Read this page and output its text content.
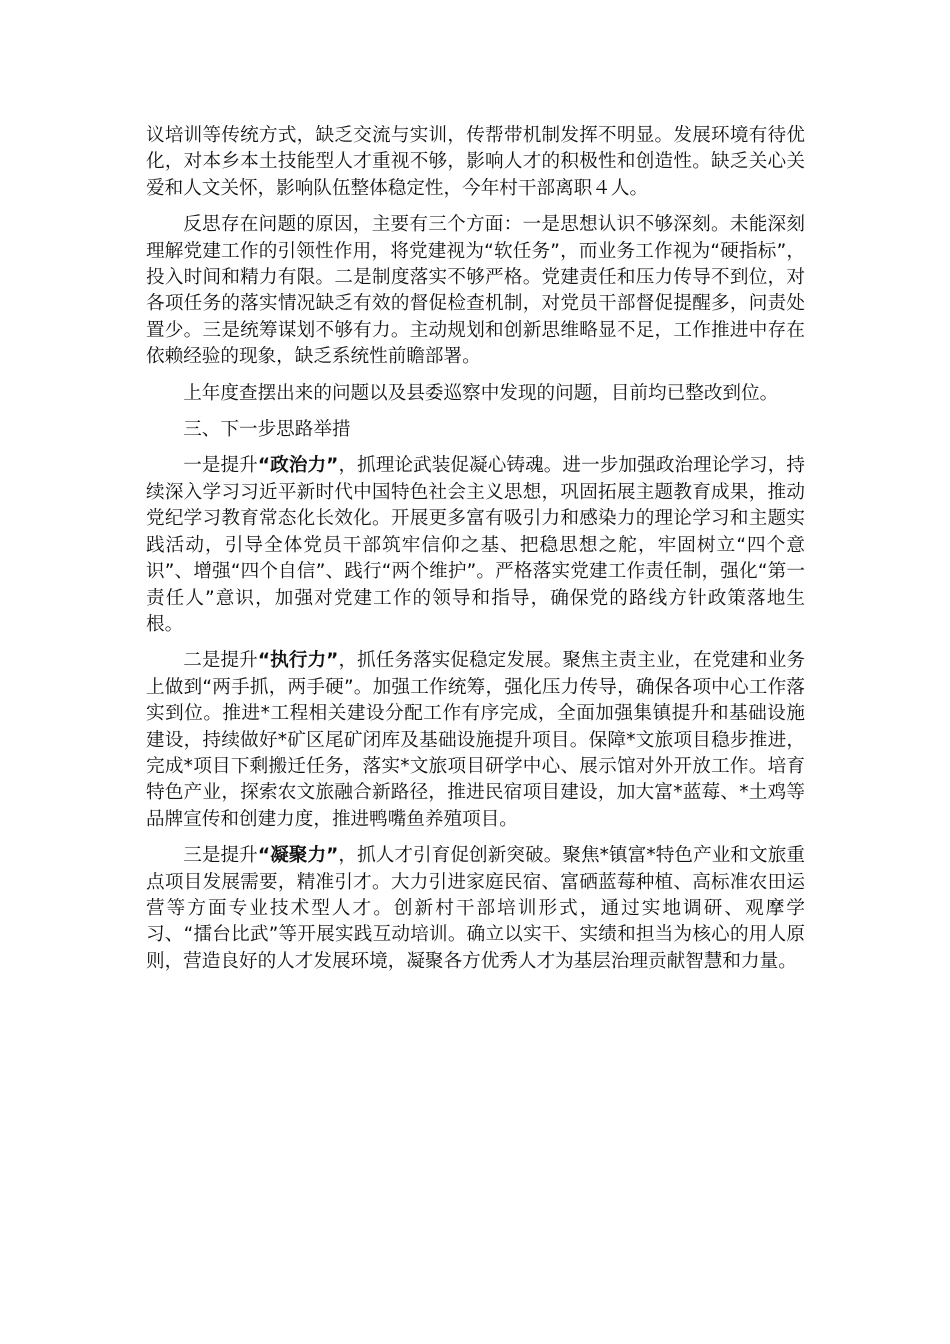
议培训等传统方式，缺乏交流与实训，传帮带机制发挥不明显。发展环境有待优化，对本乡本土技能型人才重视不够，影响人才的积极性和创造性。缺乏关心关爱和人文关怀，影响队伍整体稳定性，今年村干部离职４人。

反思存在问题的原因，主要有三个方面：一是思想认识不够深刻。未能深刻理解党建工作的引领性作用，将党建视为“软任务”，而业务工作视为“硬指标”，投入时间和精力有限。二是制度落实不够严格。党建责任和压力传导不到位，对各项任务的落实情况缺乏有效的督促检查机制，对党员干部督促提醒多，问责处置少。三是统筹谋划不够有力。主动规划和创新思维略显不足，工作推进中存在依赖经验的现象，缺乏系统性前瞻部署。

上年度查摆出来的问题以及县委巡察中发现的问题，目前均已整改到位。

三、下一步思路举措

一是提升“政治力”，抓理论武装促凝心铸魂。进一步加强政治理论学习，持续深入学习习近平新时代中国特色社会主义思想，巩固拓展主题教育成果，推动党纪学习教育常态化长效化。开展更多富有吸引力和感染力的理论学习和主题实践活动，引导全体党员干部筑牢信仰之基、把稳思想之舵，牢固树立“四个意识”、增强“四个自信”、践行“两个维护”。严格落实党建工作责任制，强化“第一责任人”意识，加强对党建工作的领导和指导，确保党的路线方针政策落地生根。

二是提升“执行力”，抓任务落实促稳定发展。聚焦主责主业，在党建和业务上做到“两手抓，两手硬”。加强工作统筹，强化压力传导，确保各项中心工作落实到位。推进*工程相关建设分配工作有序完成，全面加强集镇提升和基础设施建设，持续做好*矿区尾矿闭库及基础设施提升项目。保障*文旅项目稳步推进，完成*项目下剩搬迁任务，落实*文旅项目研学中心、展示馆对外开放工作。培育特色产业，探索农文旅融合新路径，推进民宿项目建设，加大富*蓝莓、*土鸡等品牌宣传和创建力度，推进鸭嘴鱼养殖项目。

三是提升“凝聚力”，抓人才引育促创新突破。聚焦*镇富*特色产业和文旅重点项目发展需要，精准引才。大力引进家庭民宿、富硒蓝莓种植、高标准农田运营等方面专业技术型人才。创新村干部培训形式，通过实地调研、观摩学习、“擂台比武”等开展实践互动培训。确立以实干、实绩和担当为核心的用人原则，营造良好的人才发展环境，凝聚各方优秀人才为基层治理贡献智慧和力量。
